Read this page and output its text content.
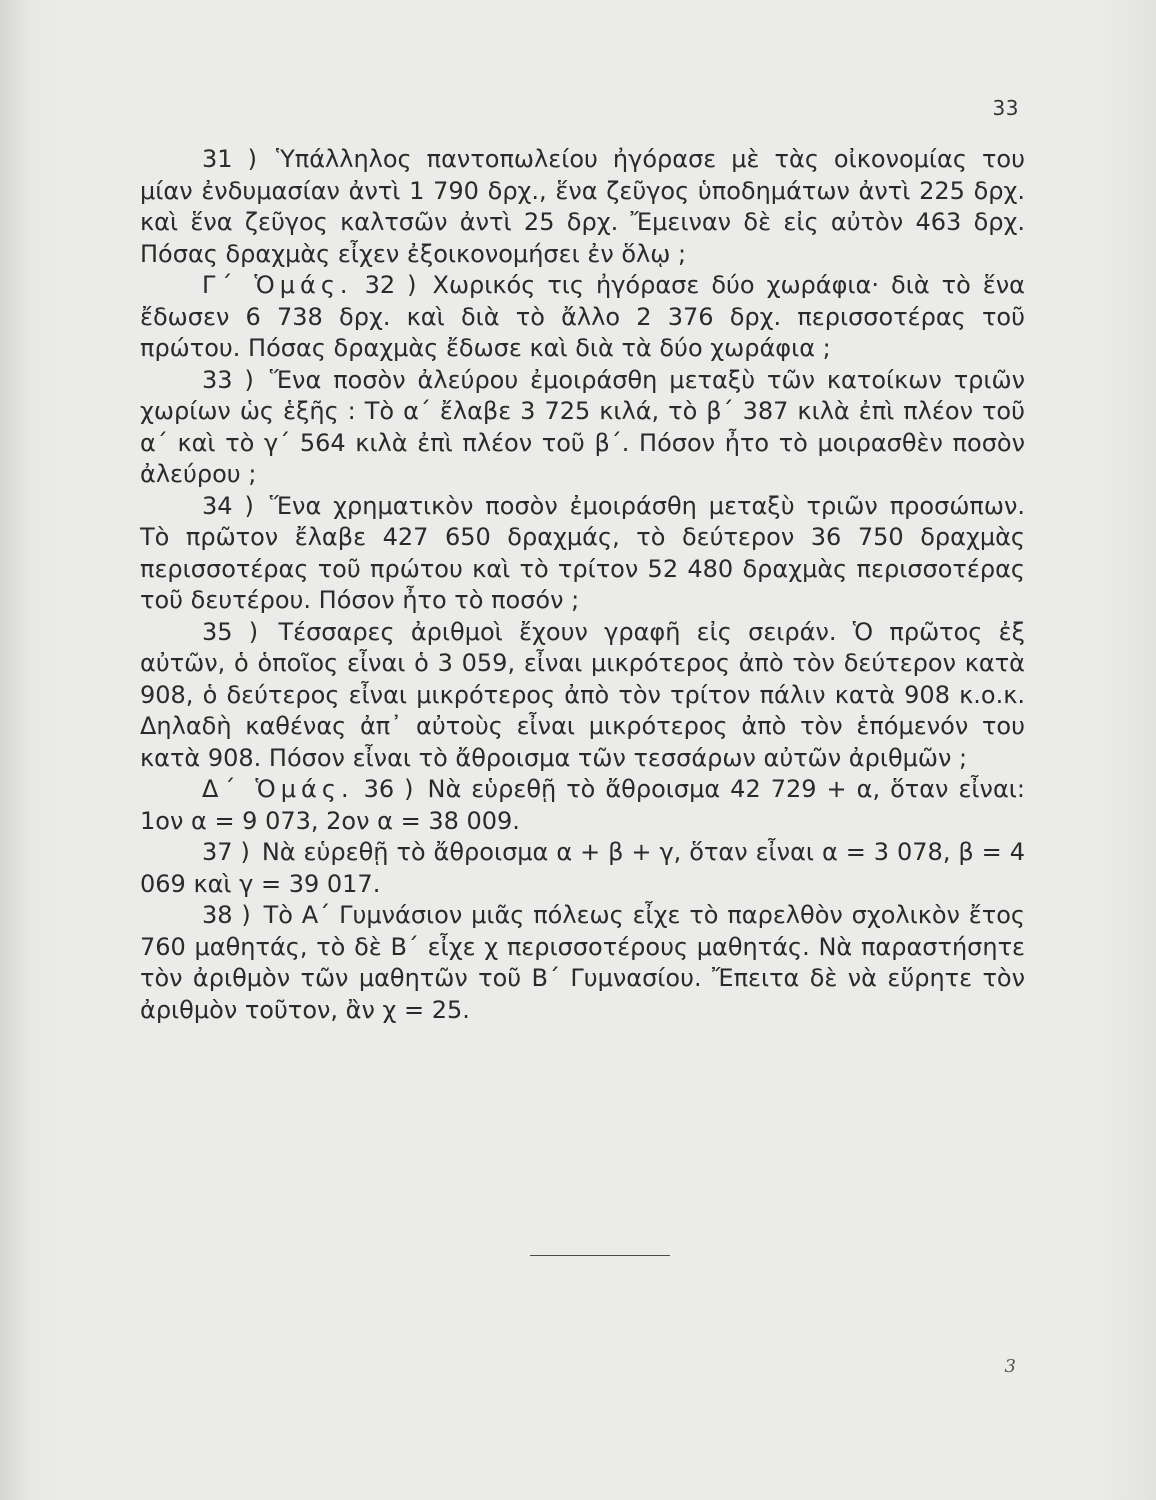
33

31 ) Ὑπάλληλος παντοπωλείου ἠγόρασε μὲ τὰς οἰκονομίας του μίαν ἐνδυμασίαν ἀντὶ 1 790 δρχ., ἕνα ζεῦγος ὑποδημάτων ἀντὶ 225 δρχ. καὶ ἕνα ζεῦγος καλτσῶν ἀντὶ 25 δρχ. Ἔμειναν δὲ εἰς αὐτὸν 463 δρχ. Πόσας δραχμὰς εἶχεν ἐξοικονομήσει ἐν ὅλῳ ;

Γ΄ Ὁμάς. 32 ) Χωρικός τις ἠγόρασε δύο χωράφια· διὰ τὸ ἕνα ἔδωσεν 6 738 δρχ. καὶ διὰ τὸ ἄλλο 2 376 δρχ. περισσοτέρας τοῦ πρώτου. Πόσας δραχμὰς ἔδωσε καὶ διὰ τὰ δύο χωράφια ;

33 ) Ἕνα ποσὸν ἀλεύρου ἐμοιράσθη μεταξὺ τῶν κατοίκων τριῶν χωρίων ὡς ἑξῆς : Τὸ α΄ ἔλαβε 3 725 κιλά, τὸ β΄ 387 κιλὰ ἐπὶ πλέον τοῦ α΄ καὶ τὸ γ΄ 564 κιλὰ ἐπὶ πλέον τοῦ β΄. Πόσον ἦτο τὸ μοιρασθὲν ποσὸν ἀλεύρου ;

34 ) Ἕνα χρηματικὸν ποσὸν ἐμοιράσθη μεταξὺ τριῶν προσώπων. Τὸ πρῶτον ἔλαβε 427 650 δραχμάς, τὸ δεύτερον 36 750 δραχμὰς περισσοτέρας τοῦ πρώτου καὶ τὸ τρίτον 52 480 δραχμὰς περισσοτέρας τοῦ δευτέρου. Πόσον ἦτο τὸ ποσόν ;

35 ) Τέσσαρες ἀριθμοὶ ἔχουν γραφῆ εἰς σειράν. Ὁ πρῶτος ἐξ αὐτῶν, ὁ ὁποῖος εἶναι ὁ 3 059, εἶναι μικρότερος ἀπὸ τὸν δεύτερον κατὰ 908, ὁ δεύτερος εἶναι μικρότερος ἀπὸ τὸν τρίτον πάλιν κατὰ 908 κ.ο.κ. Δηλαδὴ καθένας ἀπ᾿ αὐτοὺς εἶναι μικρότερος ἀπὸ τὸν ἑπόμενόν του κατὰ 908. Πόσον εἶναι τὸ ἄθροισμα τῶν τεσσάρων αὐτῶν ἀριθμῶν ;

Δ΄ Ὁμάς. 36 ) Νὰ εὑρεθῇ τὸ ἄθροισμα 42 729 + α, ὅταν εἶναι: 1ον α = 9 073, 2ον α = 38 009.

37 ) Νὰ εὑρεθῇ τὸ ἄθροισμα α + β + γ, ὅταν εἶναι α = 3 078, β = 4 069 καὶ γ = 39 017.

38 ) Τὸ Α΄ Γυμνάσιον μιᾶς πόλεως εἶχε τὸ παρελθὸν σχολικὸν ἔτος 760 μαθητάς, τὸ δὲ Β΄ εἶχε χ περισσοτέρους μαθητάς. Νὰ παραστήσητε τὸν ἀριθμὸν τῶν μαθητῶν τοῦ Β΄ Γυμνασίου. Ἔπειτα δὲ νὰ εὕρητε τὸν ἀριθμὸν τοῦτον, ἂν χ = 25.

3
